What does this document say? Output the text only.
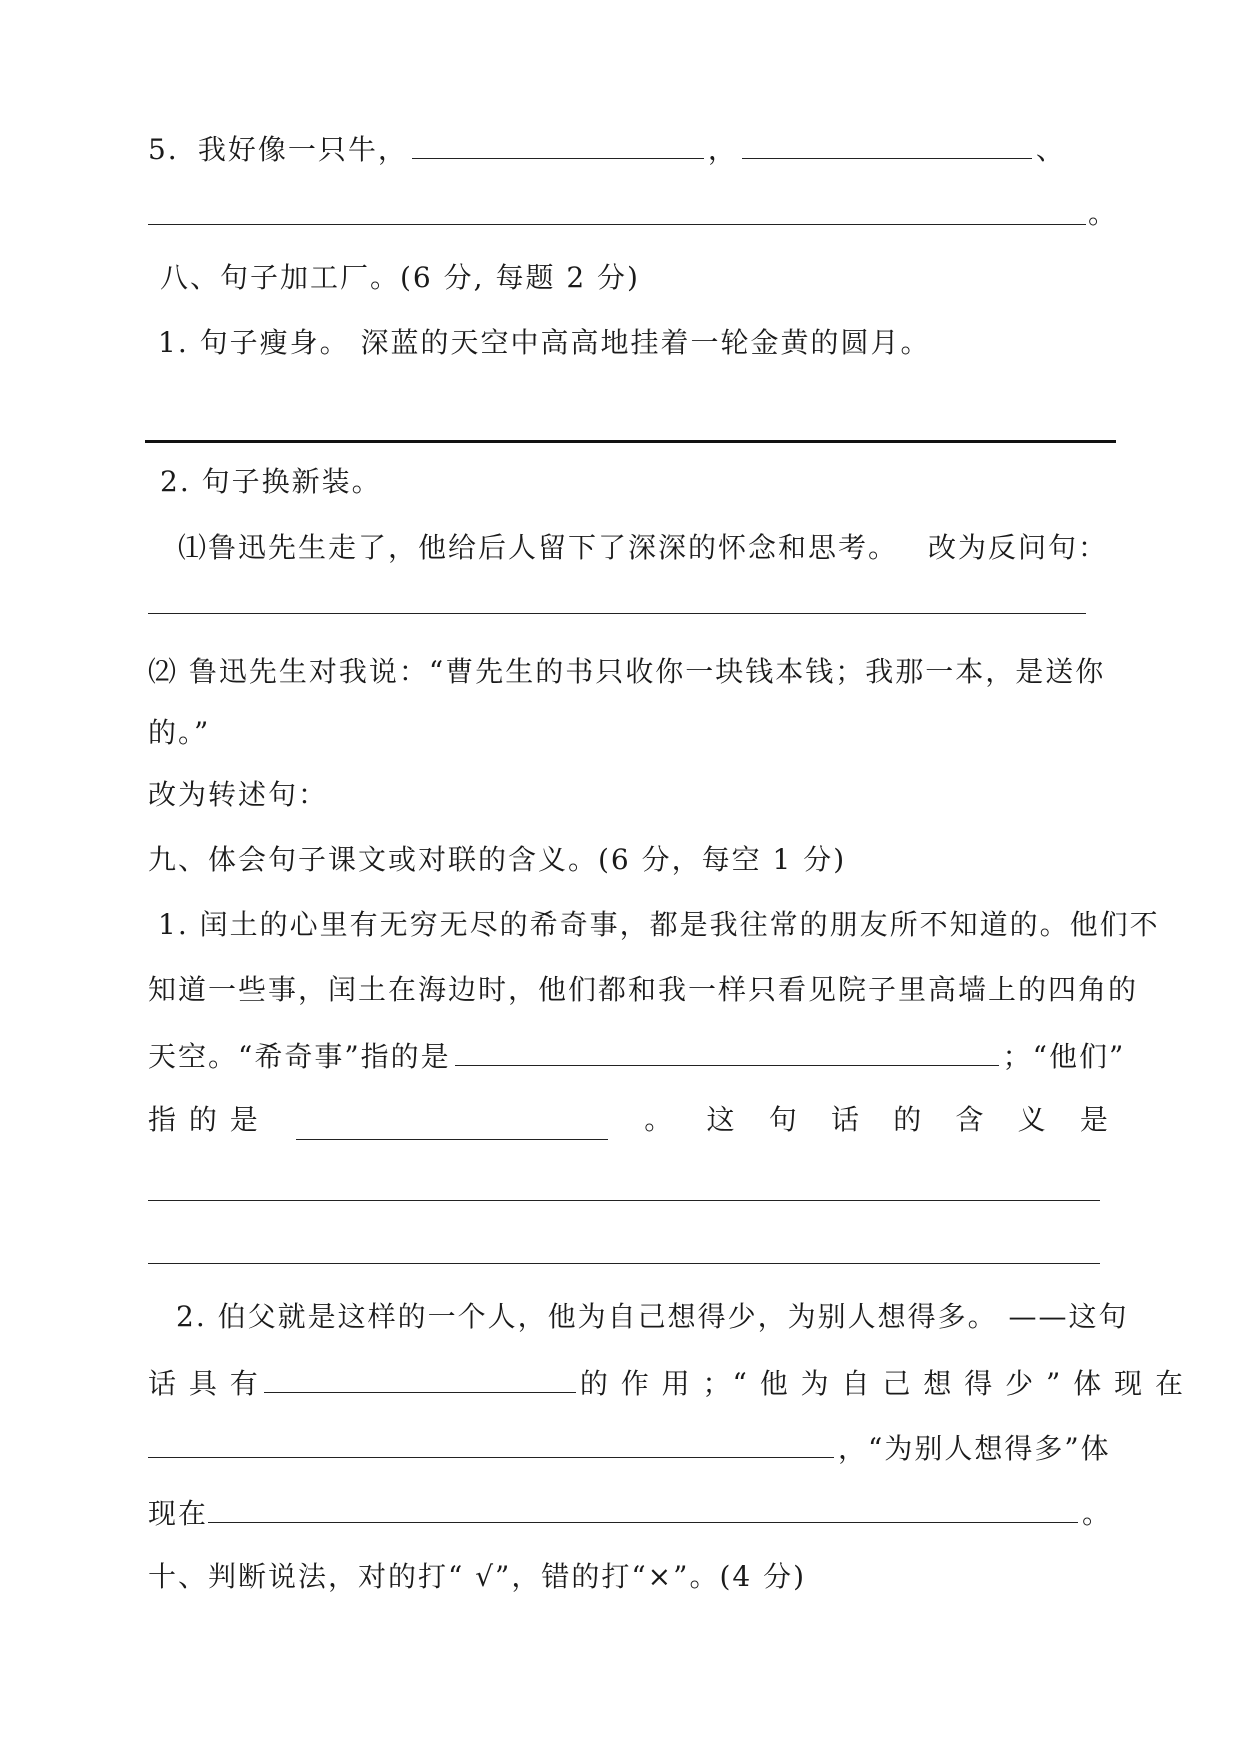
5．我好像一只牛，	，	、
。
八、句子加工厂。(6 分, 每题 2 分)
1. 句子瘦身。 深蓝的天空中高高地挂着一轮金黄的圆月。
2. 句子换新装。
⑴鲁迅先生走了，他给后人留下了深深的怀念和思考。 改为反问句：
⑵ 鲁迅先生对我说：“曹先生的书只收你一块钱本钱；我那一本，是送你
的。”
改为转述句：
九、体会句子课文或对联的含义。(6 分，每空 1 分)
1. 闰土的心里有无穷无尽的希奇事，都是我往常的朋友所不知道的。他们不
知道一些事，闰土在海边时，他们都和我一样只看见院子里高墙上的四角的
天空。“希奇事”指的是	；“他们”
指 的 是	。 这 句 话 的 含 义 是
2. 伯父就是这样的一个人，他为自己想得少，为别人想得多。 ——这句
话 具 有	的 作 用 ；“ 他 为 自 己 想 得 少 ” 体 现 在
，“为别人想得多”体
现在	。
十、判断说法，对的打“ √”，错的打“×”。(4 分)
